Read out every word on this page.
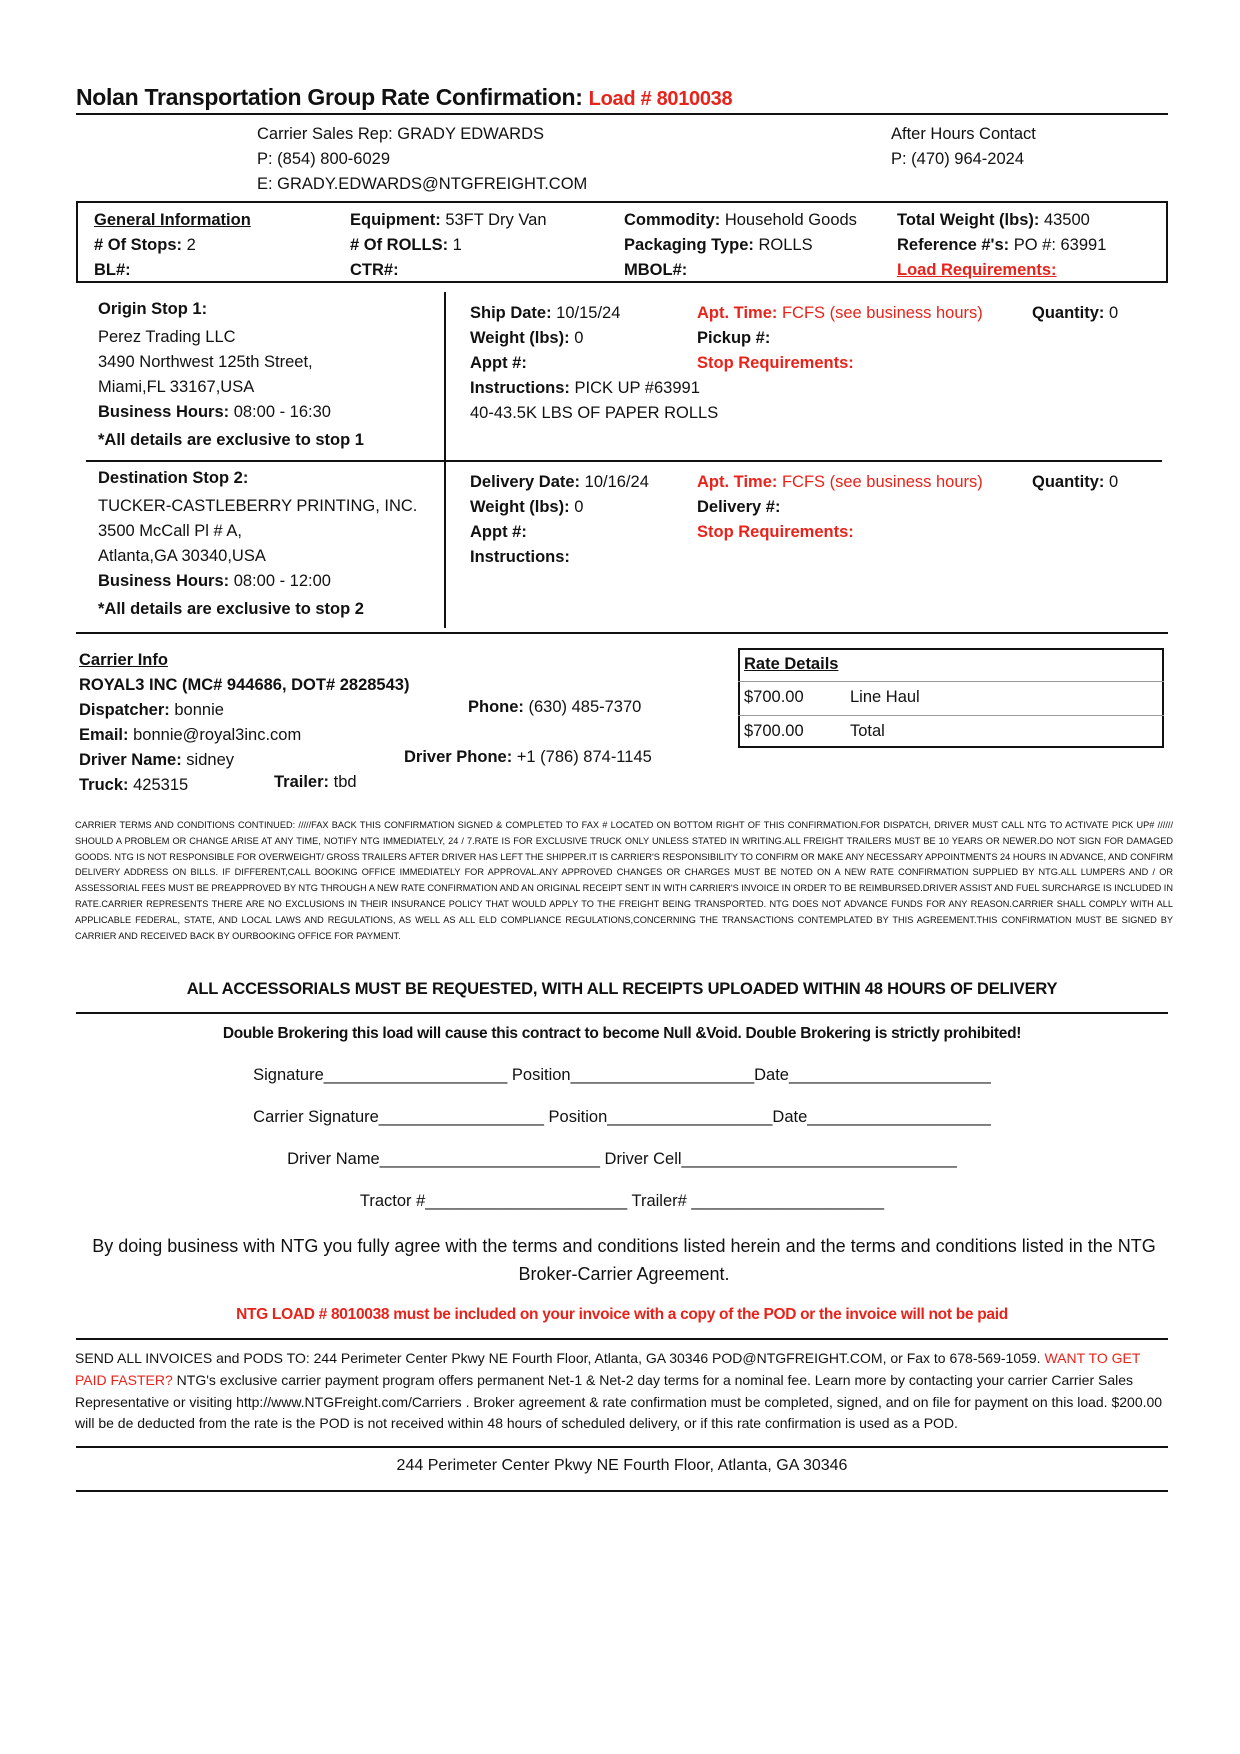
Nolan Transportation Group Rate Confirmation: Load # 8010038
Carrier Sales Rep: GRADY EDWARDS
P: (854) 800-6029
E: GRADY.EDWARDS@NTGFREIGHT.COM
After Hours Contact
P: (470) 964-2024
General Information
# Of Stops: 2
BL#:
Equipment: 53FT Dry Van
# Of ROLLS: 1
CTR#:
Commodity: Household Goods
Packaging Type: ROLLS
MBOL#:
Total Weight (lbs): 43500
Reference #'s: PO #: 63991
Load Requirements:
Origin Stop 1:
Perez Trading LLC
3490 Northwest 125th Street,
Miami,FL 33167,USA
Business Hours: 08:00 - 16:30
*All details are exclusive to stop 1
Ship Date: 10/15/24
Weight (lbs): 0
Appt #:
Instructions: PICK UP #63991
40-43.5K LBS OF PAPER ROLLS
Apt. Time: FCFS (see business hours)
Pickup #:
Stop Requirements:
Quantity: 0
Destination Stop 2:
TUCKER-CASTLEBERRY PRINTING, INC.
3500 McCall Pl # A,
Atlanta,GA 30340,USA
Business Hours: 08:00 - 12:00
*All details are exclusive to stop 2
Delivery Date: 10/16/24
Weight (lbs): 0
Appt #:
Instructions:
Apt. Time: FCFS (see business hours)
Delivery #:
Stop Requirements:
Quantity: 0
Carrier Info
ROYAL3 INC (MC# 944686, DOT# 2828543)
Dispatcher: bonnie
Email: bonnie@royal3inc.com
Driver Name: sidney
Truck: 425315
Phone: (630) 485-7370
Driver Phone: +1 (786) 874-1145
Trailer: tbd
Rate Details
$700.00	Line Haul
$700.00	Total
CARRIER TERMS AND CONDITIONS CONTINUED: /////FAX BACK THIS CONFIRMATION SIGNED & COMPLETED TO FAX # LOCATED ON BOTTOM RIGHT OF THIS CONFIRMATION.FOR DISPATCH, DRIVER MUST CALL NTG TO ACTIVATE PICK UP# ////// SHOULD A PROBLEM OR CHANGE ARISE AT ANY TIME, NOTIFY NTG IMMEDIATELY, 24 / 7.RATE IS FOR EXCLUSIVE TRUCK ONLY UNLESS STATED IN WRITING.ALL FREIGHT TRAILERS MUST BE 10 YEARS OR NEWER.DO NOT SIGN FOR DAMAGED GOODS. NTG IS NOT RESPONSIBLE FOR OVERWEIGHT/ GROSS TRAILERS AFTER DRIVER HAS LEFT THE SHIPPER.IT IS CARRIER'S RESPONSIBILITY TO CONFIRM OR MAKE ANY NECESSARY APPOINTMENTS 24 HOURS IN ADVANCE, AND CONFIRM DELIVERY ADDRESS ON BILLS. IF DIFFERENT,CALL BOOKING OFFICE IMMEDIATELY FOR APPROVAL.ANY APPROVED CHANGES OR CHARGES MUST BE NOTED ON A NEW RATE CONFIRMATION SUPPLIED BY NTG.ALL LUMPERS AND / OR ASSESSORIAL FEES MUST BE PREAPPROVED BY NTG THROUGH A NEW RATE CONFIRMATION AND AN ORIGINAL RECEIPT SENT IN WITH CARRIER'S INVOICE IN ORDER TO BE REIMBURSED.DRIVER ASSIST AND FUEL SURCHARGE IS INCLUDED IN RATE.CARRIER REPRESENTS THERE ARE NO EXCLUSIONS IN THEIR INSURANCE POLICY THAT WOULD APPLY TO THE FREIGHT BEING TRANSPORTED. NTG DOES NOT ADVANCE FUNDS FOR ANY REASON.CARRIER SHALL COMPLY WITH ALL APPLICABLE FEDERAL, STATE, AND LOCAL LAWS AND REGULATIONS, AS WELL AS ALL ELD COMPLIANCE REGULATIONS,CONCERNING THE TRANSACTIONS CONTEMPLATED BY THIS AGREEMENT.THIS CONFIRMATION MUST BE SIGNED BY CARRIER AND RECEIVED BACK BY OURBOOKING OFFICE FOR PAYMENT.
ALL ACCESSORIALS MUST BE REQUESTED, WITH ALL RECEIPTS UPLOADED WITHIN 48 HOURS OF DELIVERY
Double Brokering this load will cause this contract to become Null &Void. Double Brokering is strictly prohibited!
Signature____________________ Position____________________Date______________________
Carrier Signature__________________ Position__________________Date____________________
Driver Name________________________ Driver Cell______________________________
Tractor #______________________ Trailer# _____________________
By doing business with NTG you fully agree with the terms and conditions listed herein and the terms and conditions listed in the NTG Broker-Carrier Agreement.
NTG LOAD # 8010038 must be included on your invoice with a copy of the POD or the invoice will not be paid
SEND ALL INVOICES and PODS TO: 244 Perimeter Center Pkwy NE Fourth Floor, Atlanta, GA 30346 POD@NTGFREIGHT.COM, or Fax to 678-569-1059. WANT TO GET PAID FASTER? NTG's exclusive carrier payment program offers permanent Net-1 & Net-2 day terms for a nominal fee. Learn more by contacting your carrier Carrier Sales Representative or visiting http://www.NTGFreight.com/Carriers . Broker agreement & rate confirmation must be completed, signed, and on file for payment on this load. $200.00 will be de deducted from the rate is the POD is not received within 48 hours of scheduled delivery, or if this rate confirmation is used as a POD.
244 Perimeter Center Pkwy NE Fourth Floor, Atlanta, GA 30346
